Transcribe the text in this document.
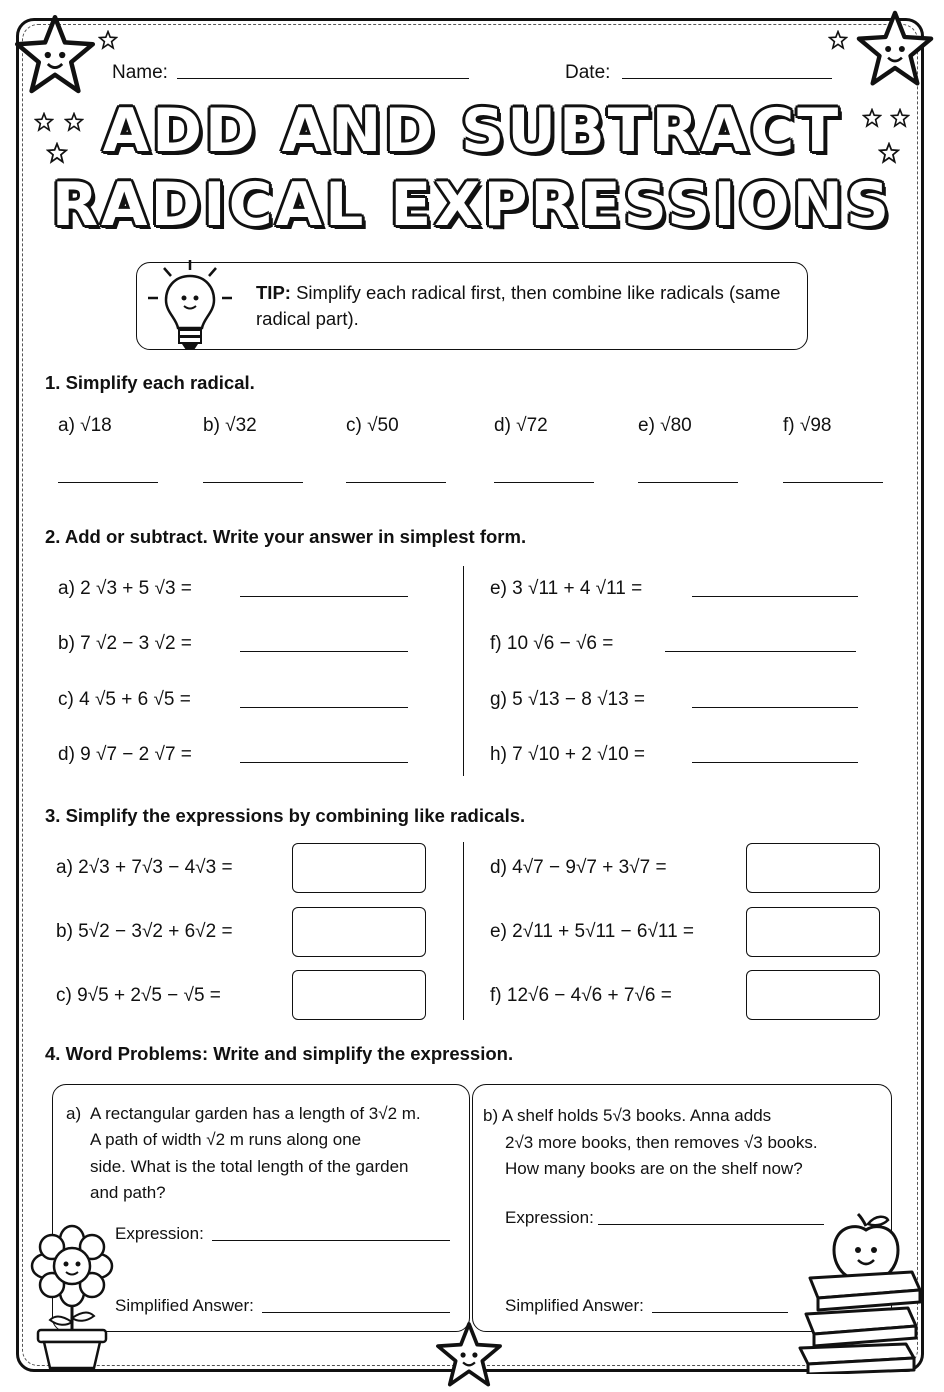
Name:	Date:
ADD AND SUBTRACT
RADICAL EXPRESSIONS
TIP: Simplify each radical first, then combine like radicals (same radical part).
1. Simplify each radical.
a) √18	b) √32	c) √50	d) √72	e) √80	f) √98
2. Add or subtract. Write your answer in simplest form.
a) 2 √3 + 5 √3 =
b) 7 √2 − 3 √2 =
c) 4 √5 + 6 √5 =
d) 9 √7 − 2 √7 =
e) 3 √11 + 4 √11 =
f) 10 √6 − √6 =
g) 5 √13 − 8 √13 =
h) 7 √10 + 2 √10 =
3. Simplify the expressions by combining like radicals.
a) 2√3 + 7√3 − 4√3 =
b) 5√2 − 3√2 + 6√2 =
c) 9√5 + 2√5 − √5 =
d) 4√7 − 9√7 + 3√7 =
e) 2√11 + 5√11 − 6√11 =
f) 12√6 − 4√6 + 7√6 =
4. Word Problems: Write and simplify the expression.
a) A rectangular garden has a length of 3√2 m.
A path of width √2 m runs along one
side. What is the total length of the garden
and path?
Expression:
Simplified Answer:
b) A shelf holds 5√3 books. Anna adds
2√3 more books, then removes √3 books.
How many books are on the shelf now?
Expression:
Simplified Answer:
